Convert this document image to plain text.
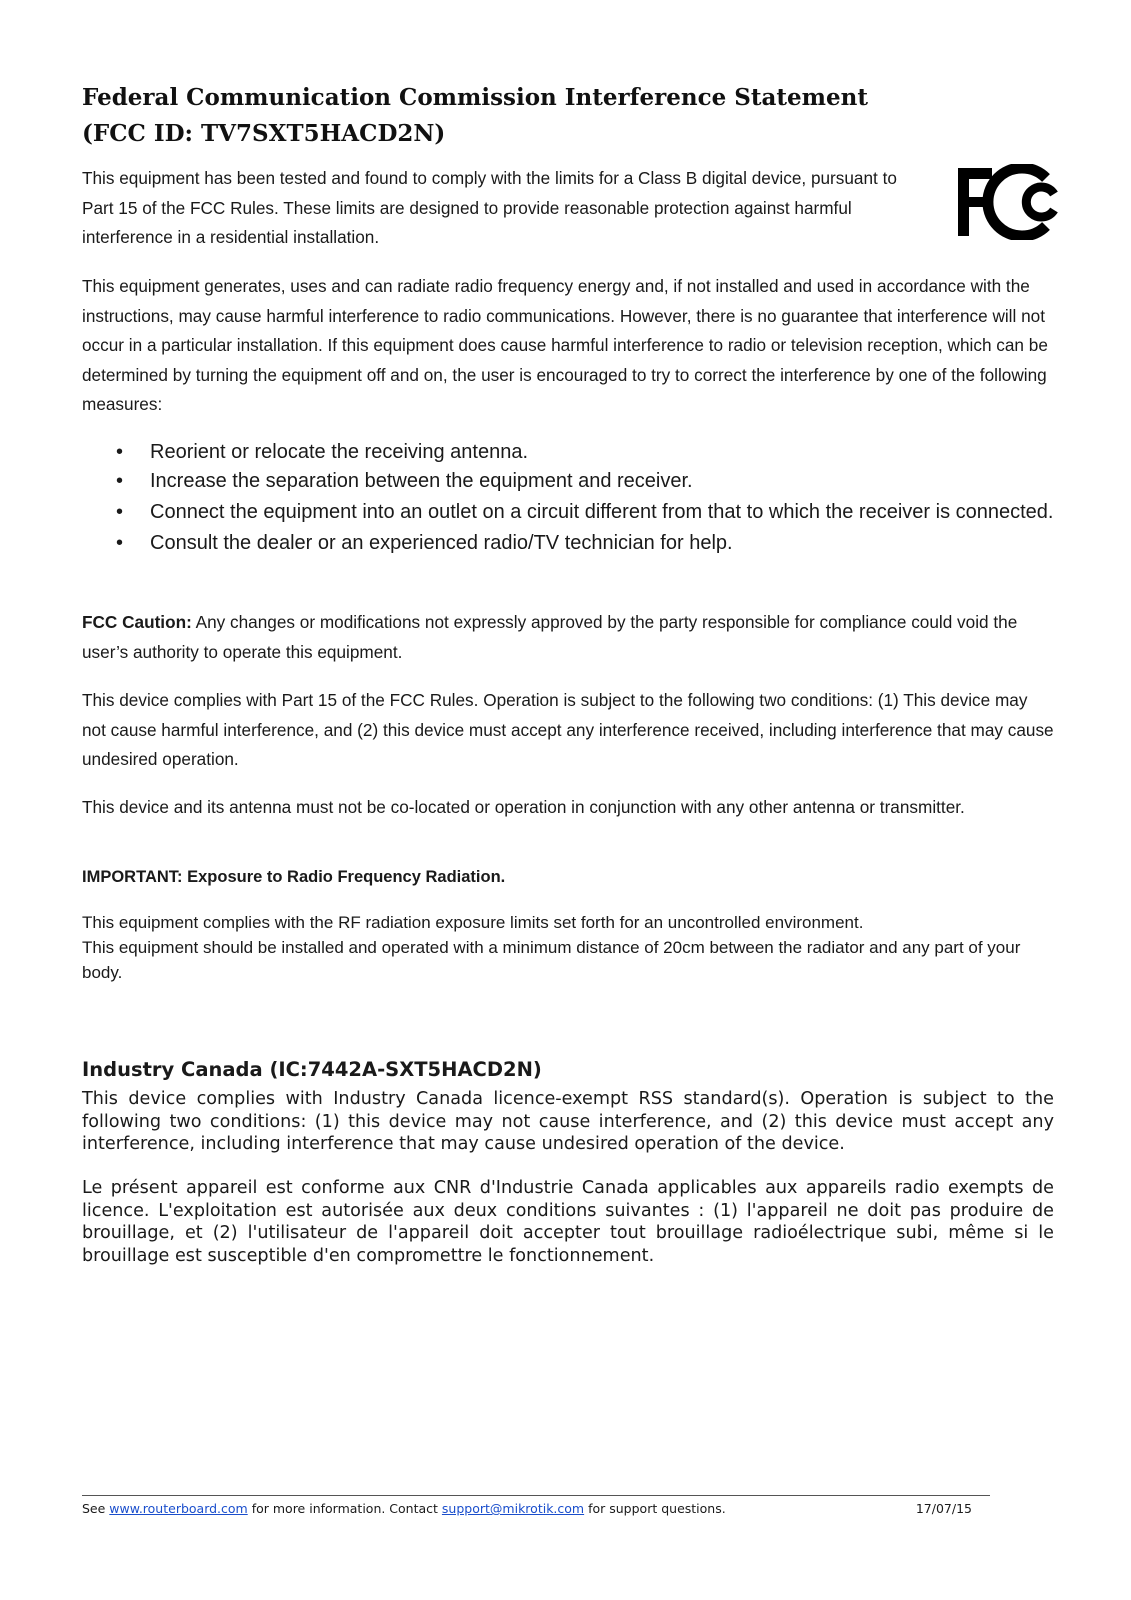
Federal Communication Commission Interference Statement
(FCC ID: TV7SXT5HACD2N)

This equipment has been tested and found to comply with the limits for a Class B digital device, pursuant to Part 15 of the FCC Rules. These limits are designed to provide reasonable protection against harmful interference in a residential installation.

This equipment generates, uses and can radiate radio frequency energy and, if not installed and used in accordance with the instructions, may cause harmful interference to radio communications. However, there is no guarantee that interference will not occur in a particular installation. If this equipment does cause harmful interference to radio or television reception, which can be determined by turning the equipment off and on, the user is encouraged to try to correct the interference by one of the following measures:

• Reorient or relocate the receiving antenna.
• Increase the separation between the equipment and receiver.
• Connect the equipment into an outlet on a circuit different from that to which the receiver is connected.
• Consult the dealer or an experienced radio/TV technician for help.

FCC Caution: Any changes or modifications not expressly approved by the party responsible for compliance could void the user’s authority to operate this equipment.

This device complies with Part 15 of the FCC Rules. Operation is subject to the following two conditions: (1) This device may not cause harmful interference, and (2) this device must accept any interference received, including interference that may cause undesired operation.

This device and its antenna must not be co-located or operation in conjunction with any other antenna or transmitter.

IMPORTANT: Exposure to Radio Frequency Radiation.

This equipment complies with the RF radiation exposure limits set forth for an uncontrolled environment.
This equipment should be installed and operated with a minimum distance of 20cm between the radiator and any part of your body.

Industry Canada (IC:7442A-SXT5HACD2N)

This device complies with Industry Canada licence-exempt RSS standard(s). Operation is subject to the following two conditions: (1) this device may not cause interference, and (2) this device must accept any interference, including interference that may cause undesired operation of the device.

Le présent appareil est conforme aux CNR d'Industrie Canada applicables aux appareils radio exempts de licence. L'exploitation est autorisée aux deux conditions suivantes : (1) l'appareil ne doit pas produire de brouillage, et (2) l'utilisateur de l'appareil doit accepter tout brouillage radioélectrique subi, même si le brouillage est susceptible d'en compromettre le fonctionnement.

See www.routerboard.com for more information. Contact support@mikrotik.com for support questions.	17/07/15
